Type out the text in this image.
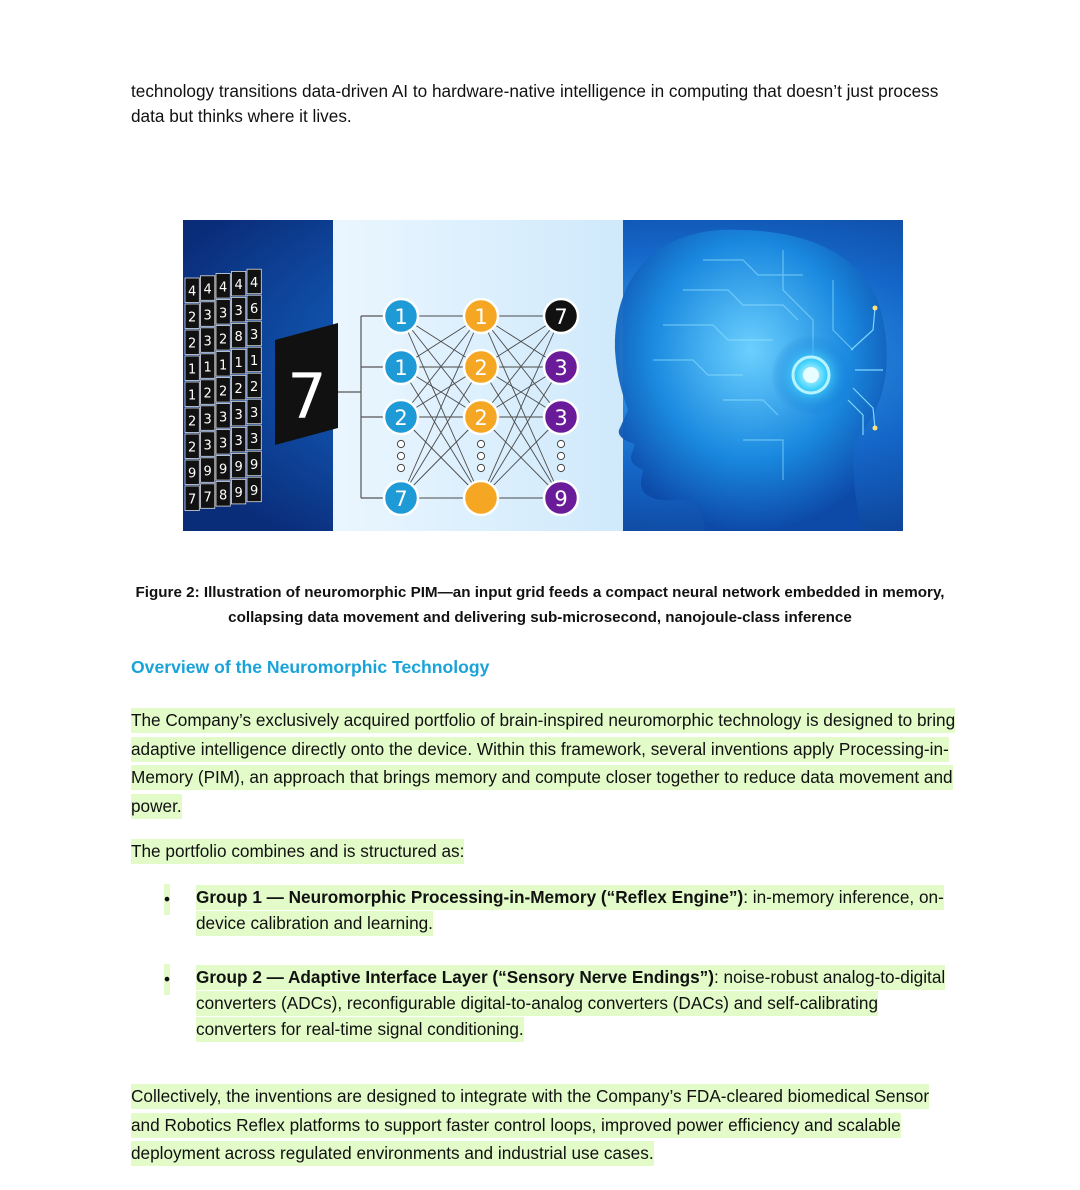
technology transitions data-driven AI to hardware-native intelligence in computing that doesn’t just process data but thinks where it lives.

4 4 4 4 4
2 3 3 3 6
2 3 2 8 3
1 1 1 1 1
1 2 2 2 2
2 3 3 3 3
2 3 3 3 3
9 9 9 9 9
7 7 8 9 9
7
1
1
2
7
1
2
2
7
3
3
9

Figure 2: Illustration of neuromorphic PIM—an input grid feeds a compact neural network embedded in memory, collapsing data movement and delivering sub-microsecond, nanojoule-class inference

Overview of the Neuromorphic Technology

The Company’s exclusively acquired portfolio of brain-inspired neuromorphic technology is designed to bring adaptive intelligence directly onto the device. Within this framework, several inventions apply Processing-in-Memory (PIM), an approach that brings memory and compute closer together to reduce data movement and power.

The portfolio combines and is structured as:

• Group 1 — Neuromorphic Processing-in-Memory (“Reflex Engine”): in-memory inference, on-device calibration and learning.
• Group 2 — Adaptive Interface Layer (“Sensory Nerve Endings”): noise-robust analog-to-digital converters (ADCs), reconfigurable digital-to-analog converters (DACs) and self-calibrating converters for real-time signal conditioning.

Collectively, the inventions are designed to integrate with the Company’s FDA-cleared biomedical Sensor and Robotics Reflex platforms to support faster control loops, improved power efficiency and scalable deployment across regulated environments and industrial use cases.
